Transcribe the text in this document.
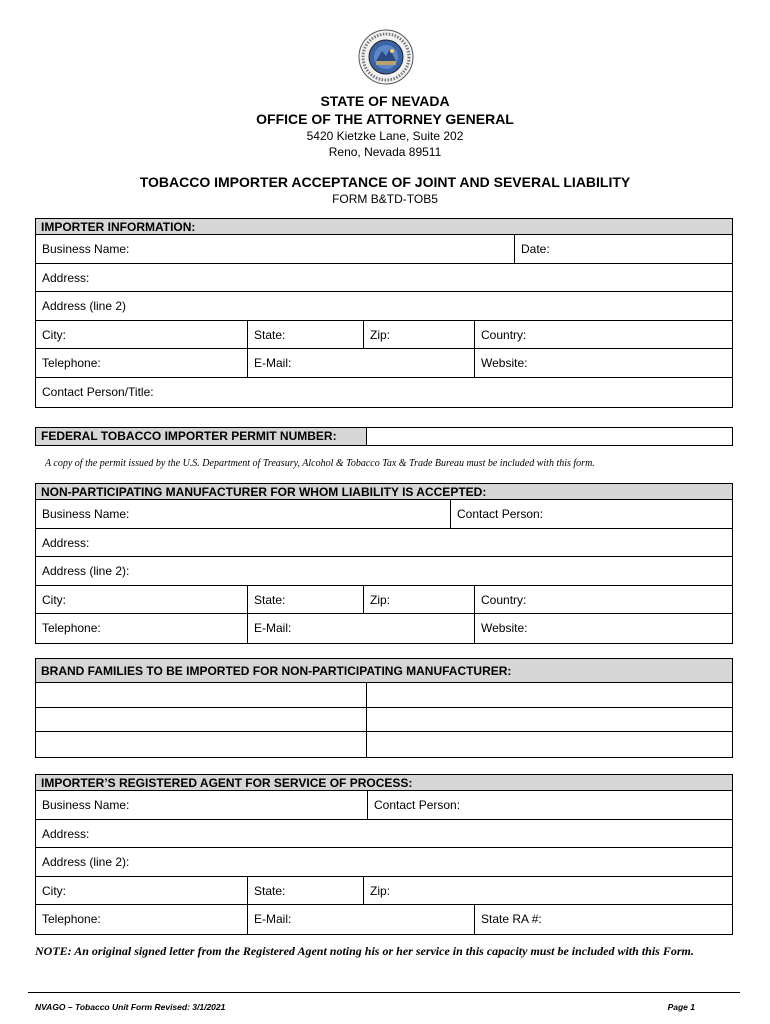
STATE OF NEVADA
OFFICE OF THE ATTORNEY GENERAL
5420 Kietzke Lane, Suite 202
Reno, Nevada 89511
TOBACCO IMPORTER ACCEPTANCE OF JOINT AND SEVERAL LIABILITY
FORM B&TD-TOB5
IMPORTER INFORMATION:
Business Name:	Date:
Address:
Address (line 2)
City:	State:	Zip:	Country:
Telephone:	E-Mail:	Website:
Contact Person/Title:
FEDERAL TOBACCO IMPORTER PERMIT NUMBER:
A copy of the permit issued by the U.S. Department of Treasury, Alcohol & Tobacco Tax & Trade Bureau must be included with this form.
NON-PARTICIPATING MANUFACTURER FOR WHOM LIABILITY IS ACCEPTED:
Business Name:	Contact Person:
Address:
Address (line 2):
City:	State:	Zip:	Country:
Telephone:	E-Mail:	Website:
BRAND FAMILIES TO BE IMPORTED FOR NON-PARTICIPATING MANUFACTURER:
IMPORTER’S REGISTERED AGENT FOR SERVICE OF PROCESS:
Business Name:	Contact Person:
Address:
Address (line 2):
City:	State:	Zip:
Telephone:	E-Mail:	State RA #:
NOTE: An original signed letter from the Registered Agent noting his or her service in this capacity must be included with this Form.
NVAGO – Tobacco Unit Form Revised: 3/1/2021	Page 1
